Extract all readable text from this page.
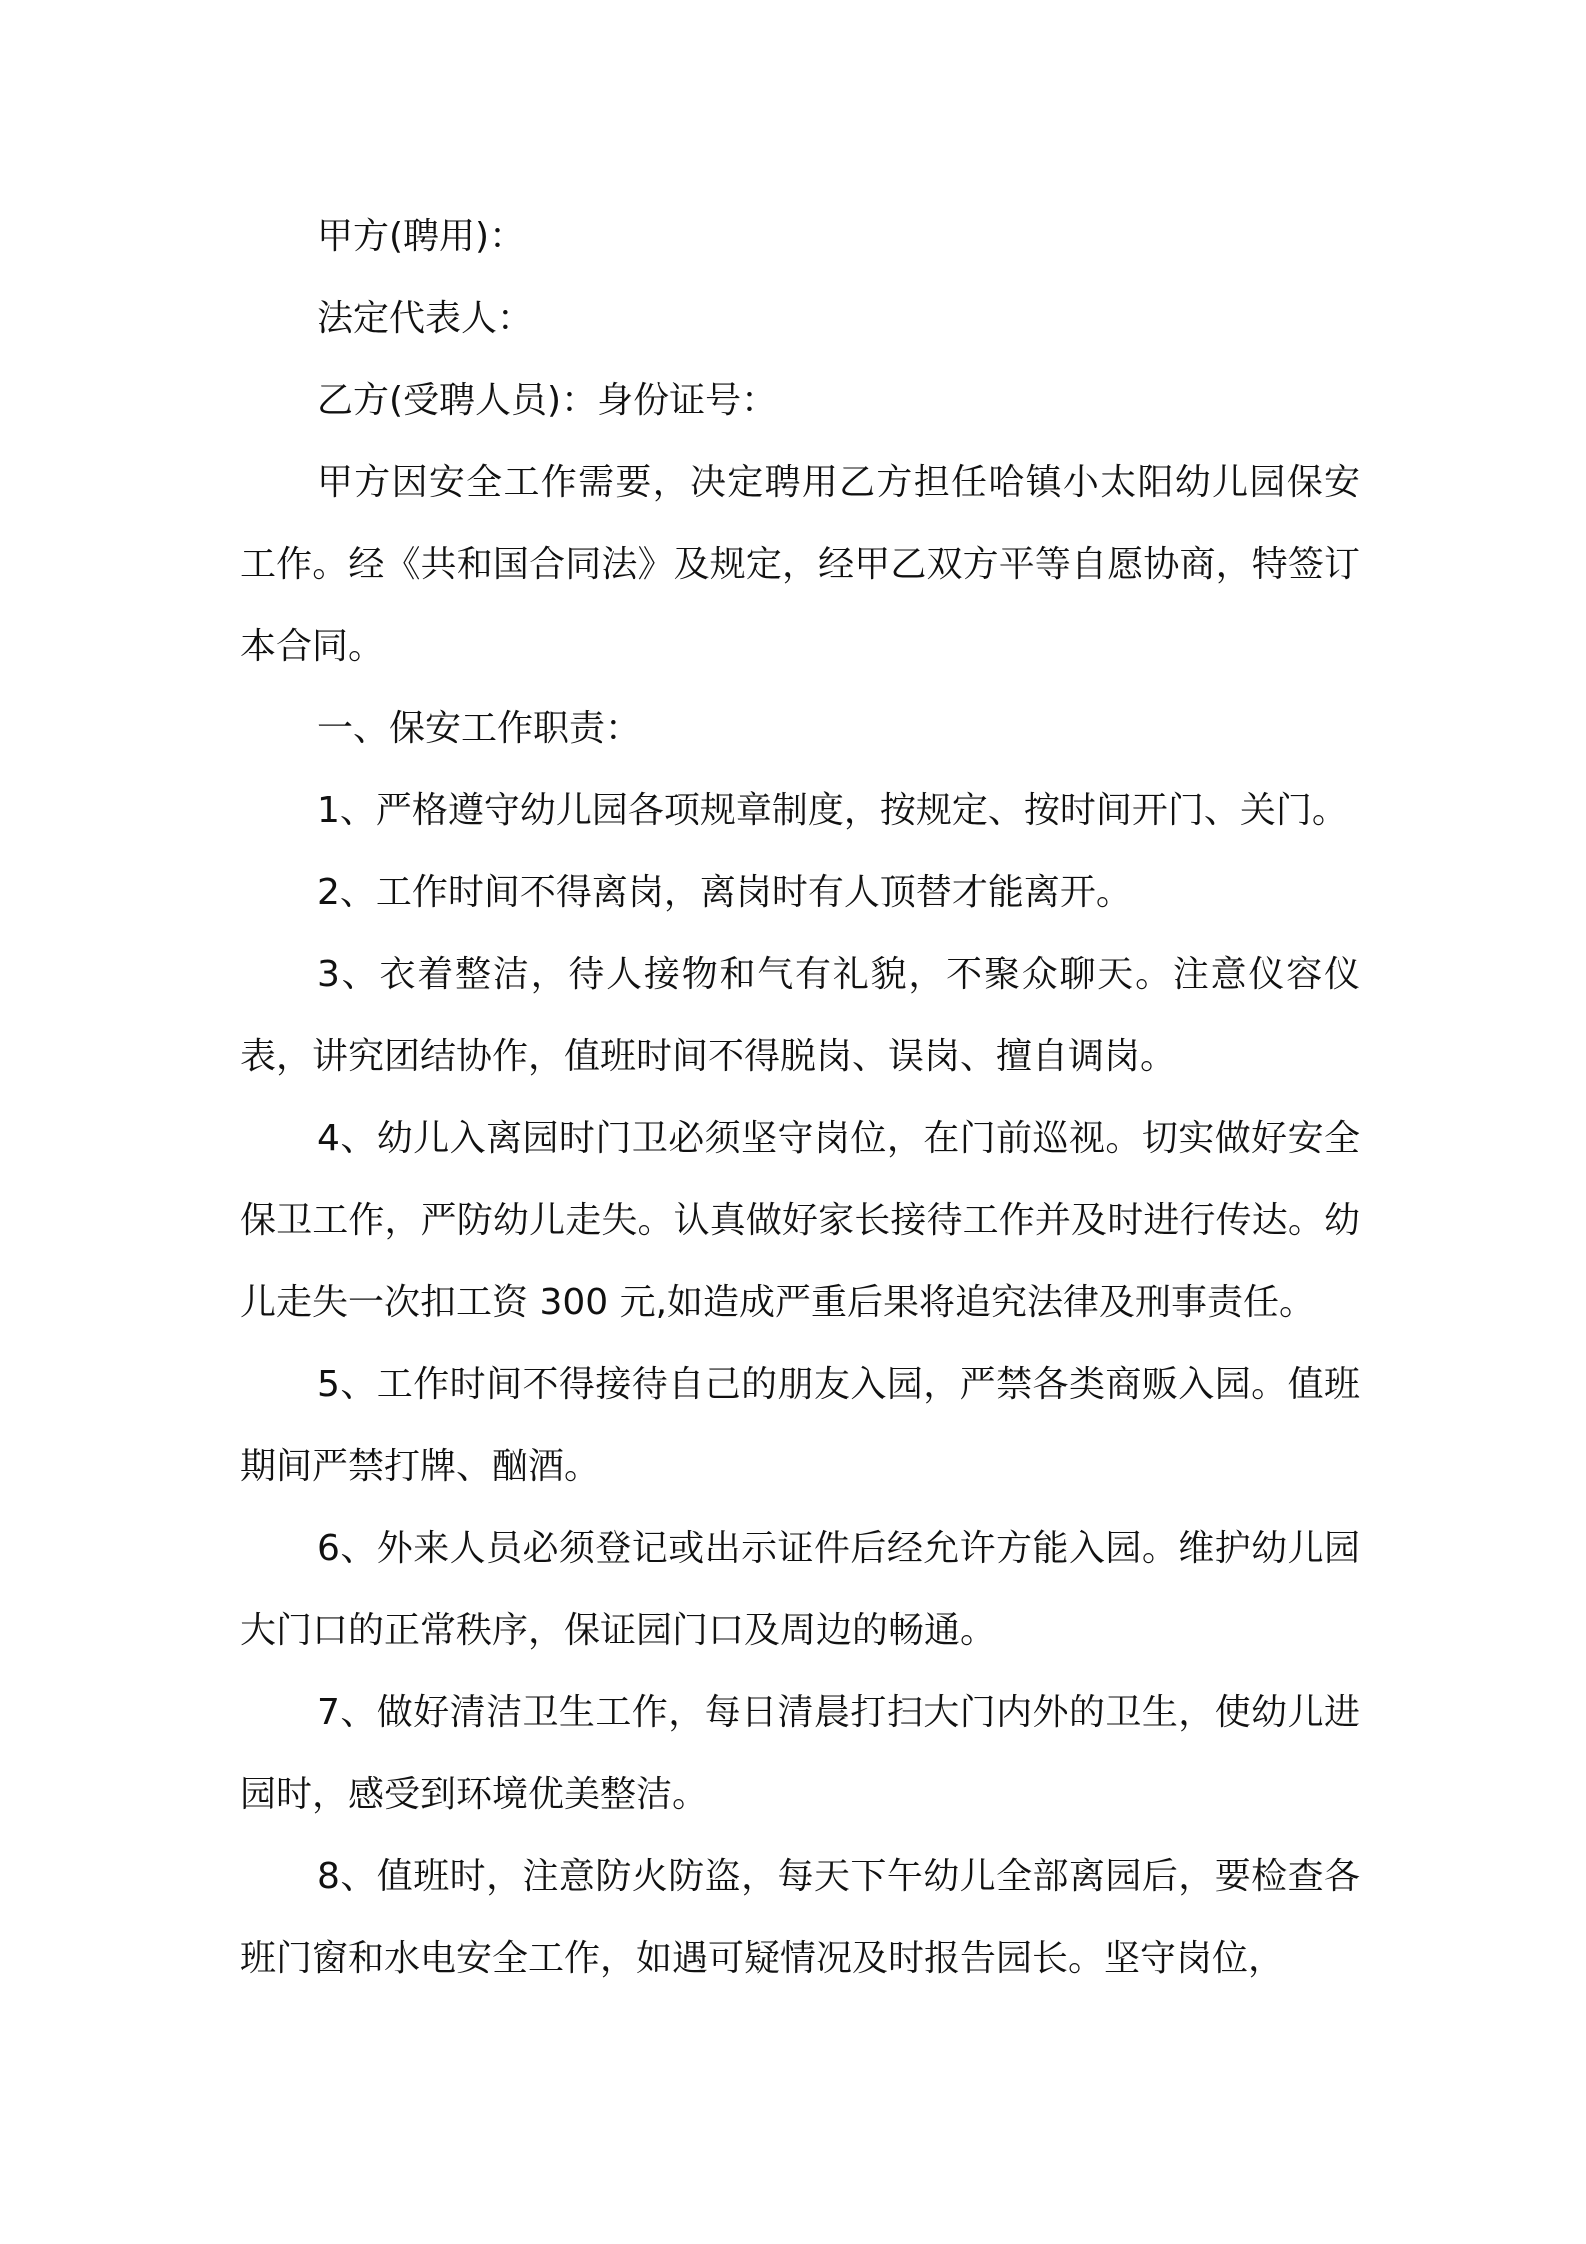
甲方(聘用)：

法定代表人：

乙方(受聘人员)：身份证号：

甲方因安全工作需要，决定聘用乙方担任哈镇小太阳幼儿园保安工作。经《共和国合同法》及规定，经甲乙双方平等自愿协商，特签订本合同。

一、保安工作职责：

1、严格遵守幼儿园各项规章制度，按规定、按时间开门、关门。

2、工作时间不得离岗，离岗时有人顶替才能离开。

3、衣着整洁，待人接物和气有礼貌，不聚众聊天。注意仪容仪表，讲究团结协作，值班时间不得脱岗、误岗、擅自调岗。

4、幼儿入离园时门卫必须坚守岗位，在门前巡视。切实做好安全保卫工作，严防幼儿走失。认真做好家长接待工作并及时进行传达。幼儿走失一次扣工资 300 元,如造成严重后果将追究法律及刑事责任。

5、工作时间不得接待自己的朋友入园，严禁各类商贩入园。值班期间严禁打牌、酗酒。

6、外来人员必须登记或出示证件后经允许方能入园。维护幼儿园大门口的正常秩序，保证园门口及周边的畅通。

7、做好清洁卫生工作，每日清晨打扫大门内外的卫生，使幼儿进园时，感受到环境优美整洁。

8、值班时，注意防火防盗，每天下午幼儿全部离园后，要检查各班门窗和水电安全工作，如遇可疑情况及时报告园长。坚守岗位，
